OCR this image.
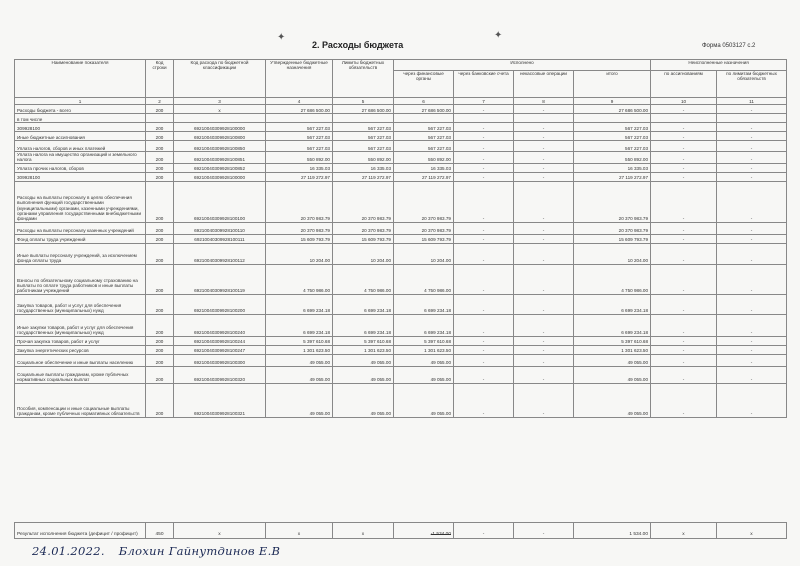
2. Расходы бюджета	Форма 0503127 с.2
✦	✦
Наименование показателя	Код строки	Код расхода по бюджетной классификации	Утвержденные бюджетные назначения	Лимиты бюджетных обязательств	Исполнено				Неисполненные назначения	
					через финансовые органы	через банковские счета	некассовые операции	итого	по ассигнованиям	по лимитам бюджетных обязательств
1	2	3	4	5	6	7	8	9	10	11
Расходы бюджета - всего	200	x	27 686 500.00	27 686 500.00	27 686 500.00	-	-	27 686 500.00	-	-
в том числе										
309928100	200	69210040309928100000	567 227.03	567 227.03	567 227.03	-	-	567 227.03	-	-
Иные бюджетные ассигнования	200	69210040309928100800	567 227.03	567 227.03	567 227.03	-	-	567 227.03	-	-
Уплата налогов, сборов и иных платежей	200	69210040309928100850	567 227.03	567 227.03	567 227.03	-	-	567 227.03	-	-
Уплата налога на имущество организаций и земельного налога	200	69210040309928100851	550 892.00	550 892.00	550 892.00	-	-	550 892.00	-	-
Уплата прочих налогов, сборов	200	69210040309928100852	16 335.03	16 335.03	16 335.03	-	-	16 335.03	-	-
309928100	200	69210040309928100000	27 119 272.97	27 119 272.97	27 119 272.97	-	-	27 119 272.97	-	-
Расходы на выплаты персоналу в целях обеспечения выполнения функций государственными (муниципальными) органами, казенными учреждениями, органами управления государственными внебюджетными фондами	200	69210040309928100100	20 370 983.79	20 370 983.79	20 370 983.79	-	-	20 370 983.79	-	-
Расходы на выплаты персоналу казенных учреждений	200	69210040309928100110	20 370 983.79	20 370 983.79	20 370 983.79	-	-	20 370 983.79	-	-
Фонд оплаты труда учреждений	200	69210040309928100111	15 609 793.79	15 609 793.79	15 609 793.79	-	-	15 609 793.79	-	-
Иные выплаты персоналу учреждений, за исключением фонда оплаты труда	200	69210040309928100112	10 204.00	10 204.00	10 204.00	-	-	10 204.00	-	-
Взносы по обязательному социальному страхованию на выплаты по оплате труда работников и иные выплаты работникам учреждений	200	69210040309928100119	4 750 986.00	4 750 986.00	4 750 986.00	-	-	4 750 986.00	-	-
Закупка товаров, работ и услуг для обеспечения государственных (муниципальных) нужд	200	69210040309928100200	6 699 234.18	6 699 234.18	6 699 234.18	-	-	6 699 234.18	-	-
Иные закупки товаров, работ и услуг для обеспечения государственных (муниципальных) нужд	200	69210040309928100240	6 699 234.18	6 699 234.18	6 699 234.18	-	-	6 699 234.18	-	-
Прочая закупка товаров, работ и услуг	200	69210040309928100244	5 397 610.68	5 397 610.68	5 397 610.68	-	-	5 397 610.68	-	-
Закупка энергетических ресурсов	200	69210040309928100247	1 301 623.50	1 301 623.50	1 301 623.50	-	-	1 301 623.50	-	-
Социальное обеспечение и иные выплаты населению	200	69210040309928100300	49 055.00	49 055.00	49 055.00	-	-	49 055.00	-	-
Социальные выплаты гражданам, кроме публичных нормативных социальных выплат	200	69210040309928100320	49 055.00	49 055.00	49 055.00	-	-	49 055.00	-	-
Пособия, компенсации и иные социальные выплаты гражданам, кроме публичных нормативных обязательств	200	69210040309928100321	49 055.00	49 055.00	49 055.00	-	-	49 055.00	-	-
Результат исполнения бюджета (дефицит / профицит)	450	x	x	x	-1 534.00	-	-	1 534.00	x	x
24.01.2022. Блохин Гайнутдинов Е.В
